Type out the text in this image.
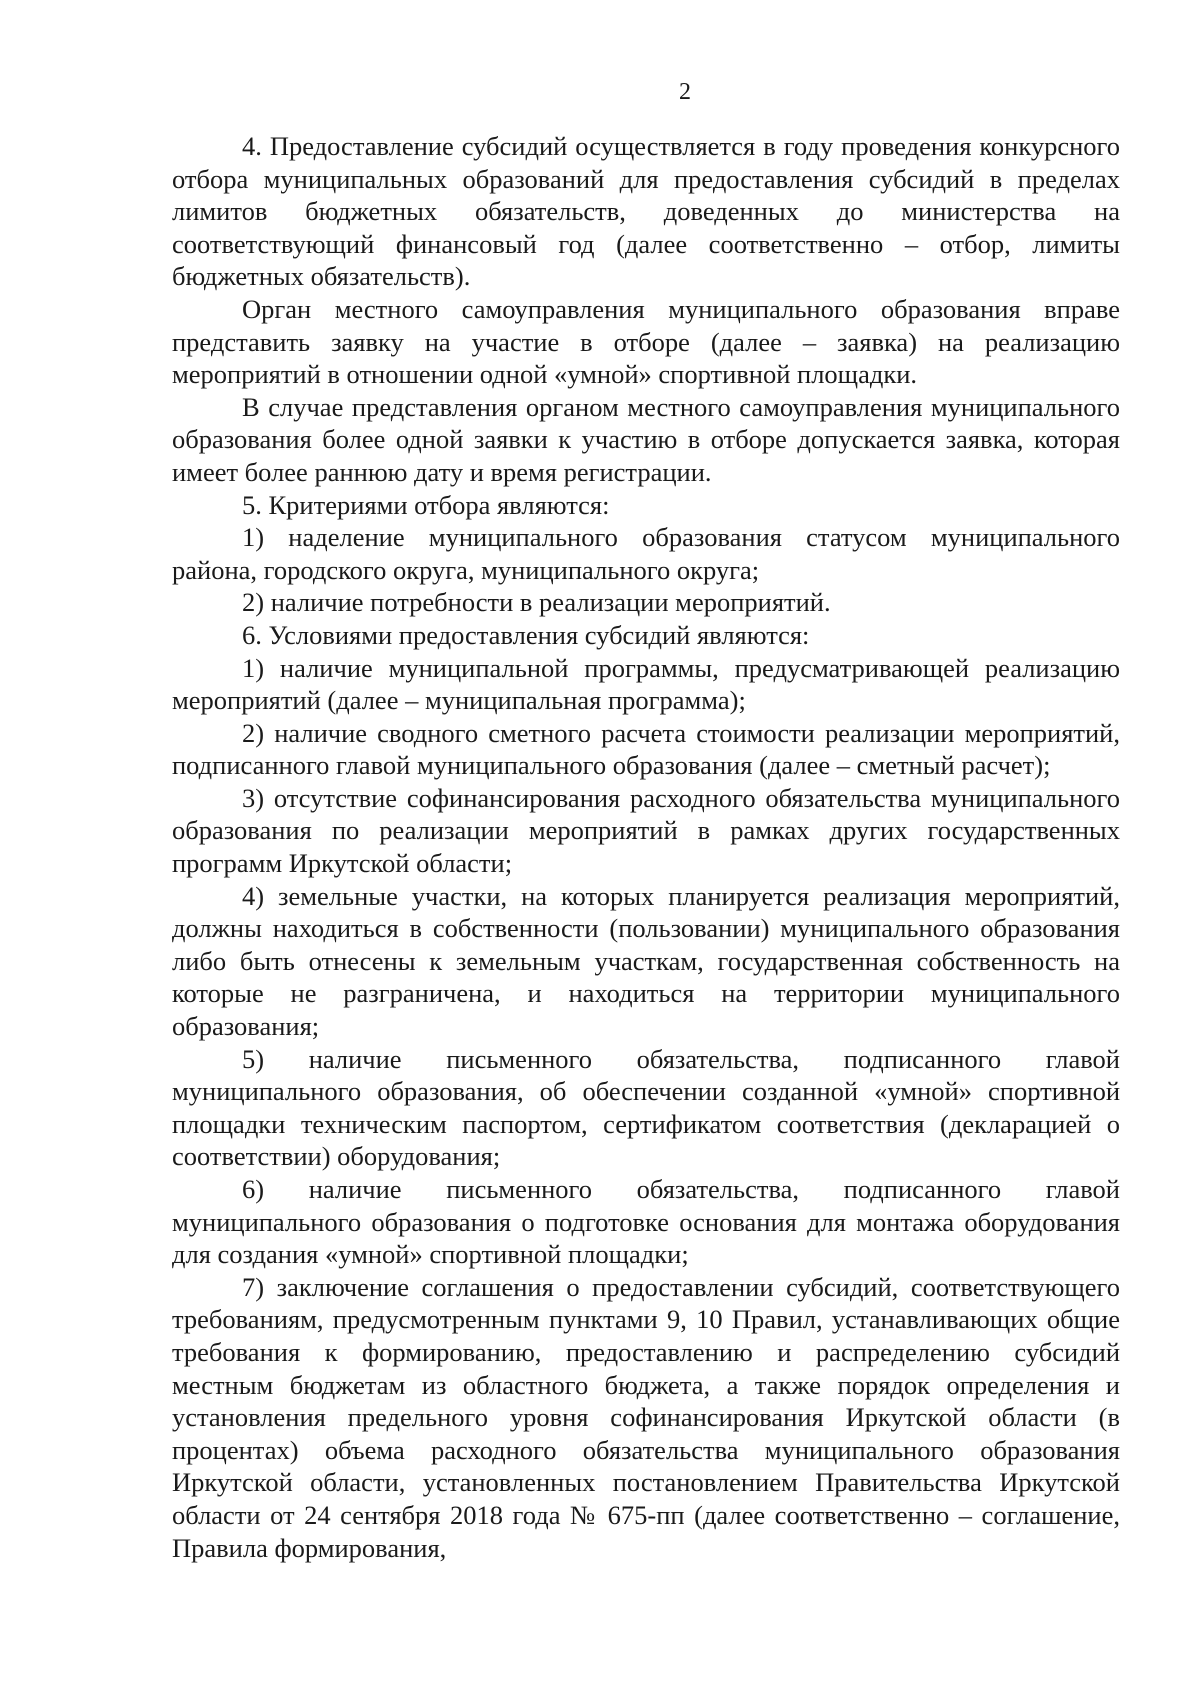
2

4. Предоставление субсидий осуществляется в году проведения конкурсного отбора муниципальных образований для предоставления субсидий в пределах лимитов бюджетных обязательств, доведенных до министерства на соответствующий финансовый год (далее соответственно – отбор, лимиты бюджетных обязательств).

Орган местного самоуправления муниципального образования вправе представить заявку на участие в отборе (далее – заявка) на реализацию мероприятий в отношении одной «умной» спортивной площадки.

В случае представления органом местного самоуправления муниципального образования более одной заявки к участию в отборе допускается заявка, которая имеет более раннюю дату и время регистрации.

5. Критериями отбора являются:

1) наделение муниципального образования статусом муниципального района, городского округа, муниципального округа;

2) наличие потребности в реализации мероприятий.

6. Условиями предоставления субсидий являются:

1) наличие муниципальной программы, предусматривающей реализацию мероприятий (далее – муниципальная программа);

2) наличие сводного сметного расчета стоимости реализации мероприятий, подписанного главой муниципального образования (далее – сметный расчет);

3) отсутствие софинансирования расходного обязательства муниципального образования по реализации мероприятий в рамках других государственных программ Иркутской области;

4) земельные участки, на которых планируется реализация мероприятий, должны находиться в собственности (пользовании) муниципального образования либо быть отнесены к земельным участкам, государственная собственность на которые не разграничена, и находиться на территории муниципального образования;

5) наличие письменного обязательства, подписанного главой муниципального образования, об обеспечении созданной «умной» спортивной площадки техническим паспортом, сертификатом соответствия (декларацией о соответствии) оборудования;

6) наличие письменного обязательства, подписанного главой муниципального образования о подготовке основания для монтажа оборудования для создания «умной» спортивной площадки;

7) заключение соглашения о предоставлении субсидий, соответствующего требованиям, предусмотренным пунктами 9, 10 Правил, устанавливающих общие требования к формированию, предоставлению и распределению субсидий местным бюджетам из областного бюджета, а также порядок определения и установления предельного уровня софинансирования Иркутской области (в процентах) объема расходного обязательства муниципального образования Иркутской области, установленных постановлением Правительства Иркутской области от 24 сентября 2018 года № 675-пп (далее соответственно – соглашение, Правила формирования,
